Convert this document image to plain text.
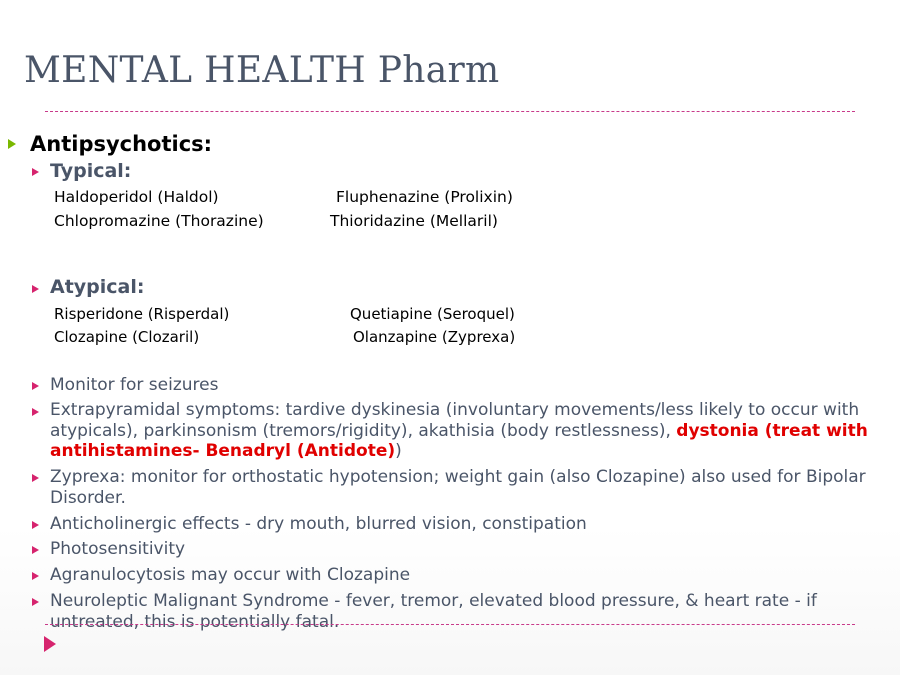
MENTAL HEALTH Pharm
Antipsychotics:
Typical:
Haldoperidol (Haldol)	Fluphenazine (Prolixin)
Chlopromazine (Thorazine)	Thioridazine (Mellaril)
Atypical:
Risperidone (Risperdal)	Quetiapine (Seroquel)
Clozapine (Clozaril)	Olanzapine (Zyprexa)
Monitor for seizures
Extrapyramidal symptoms: tardive dyskinesia (involuntary movements/less likely to occur with atypicals), parkinsonism (tremors/rigidity), akathisia (body restlessness), dystonia (treat with antihistamines- Benadryl (Antidote))
Zyprexa: monitor for orthostatic hypotension; weight gain (also Clozapine) also used for Bipolar Disorder.
Anticholinergic effects - dry mouth, blurred vision, constipation
Photosensitivity
Agranulocytosis may occur with Clozapine
Neuroleptic Malignant Syndrome - fever, tremor, elevated blood pressure, & heart rate - if untreated, this is potentially fatal.
